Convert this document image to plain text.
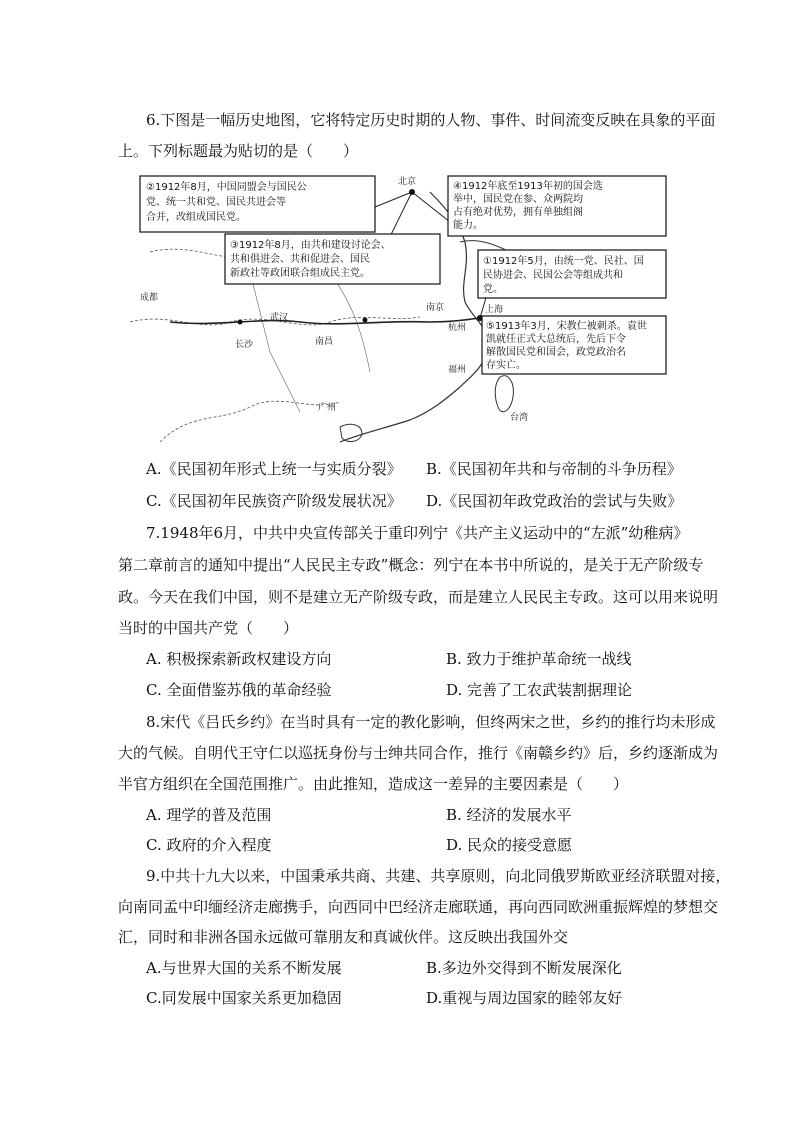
6.下图是一幅历史地图，它将特定历史时期的人物、事件、时间流变反映在具象的平面
上。下列标题最为贴切的是（　　）
北京
成都
长沙	南昌
武汉
广州
上海
杭州
南京
台湾
福州
②1912年8月，中国同盟会与国民公
党、统一共和党、国民共进会等
合并，改组成国民党。
④1912年底至1913年初的国会选
举中，国民党在参、众两院均
占有绝对优势，拥有单独组阁
能力。
③1912年8月，由共和建设讨论会、
共和俱进会、共和促进会、国民
新政社等政团联合组成民主党。
①1912年5月，由统一党、民社、国
民协进会、民国公会等组成共和
党。
⑤1913年3月，宋教仁被刺杀。袁世
凯就任正式大总统后，先后下令
解散国民党和国会，政党政治名
存实亡。
A.《民国初年形式上统一与实质分裂》 B.《民国初年共和与帝制的斗争历程》
C.《民国初年民族资产阶级发展状况》 D.《民国初年政党政治的尝试与失败》
7.1948年6月，中共中央宣传部关于重印列宁《共产主义运动中的“左派”幼稚病》
第二章前言的通知中提出“人民民主专政”概念：列宁在本书中所说的，是关于无产阶级专
政。今天在我们中国，则不是建立无产阶级专政，而是建立人民民主专政。这可以用来说明
当时的中国共产党（　　）
A. 积极探索新政权建设方向	B. 致力于维护革命统一战线
C. 全面借鉴苏俄的革命经验	D. 完善了工农武装割据理论
8.宋代《吕氏乡约》在当时具有一定的教化影响，但终两宋之世，乡约的推行均未形成
大的气候。自明代王守仁以巡抚身份与士绅共同合作，推行《南赣乡约》后，乡约逐渐成为
半官方组织在全国范围推广。由此推知，造成这一差异的主要因素是（　　）
A. 理学的普及范围	B. 经济的发展水平
C. 政府的介入程度	D. 民众的接受意愿
9.中共十九大以来，中国秉承共商、共建、共享原则，向北同俄罗斯欧亚经济联盟对接，
向南同孟中印缅经济走廊携手，向西同中巴经济走廊联通，再向西同欧洲重振辉煌的梦想交
汇，同时和非洲各国永远做可靠朋友和真诚伙伴。这反映出我国外交
A.与世界大国的关系不断发展	B.多边外交得到不断发展深化
C.同发展中国家关系更加稳固	D.重视与周边国家的睦邻友好
